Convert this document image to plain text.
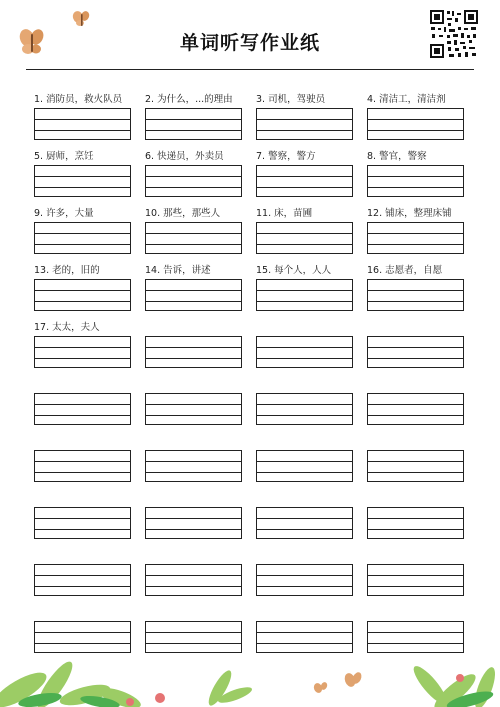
单词听写作业纸
1. 消防员，救火队员	2. 为什么，...的理由	3. 司机，驾驶员	4. 清洁工，清洁剂
5. 厨师，烹饪	6. 快递员，外卖员	7. 警察，警方	8. 警官，警察
9. 许多，大量	10. 那些，那些人	11. 床，苗圃	12. 铺床，整理床铺
13. 老的，旧的	14. 告诉，讲述	15. 每个人，人人	16. 志愿者，自愿
17. 太太，夫人
